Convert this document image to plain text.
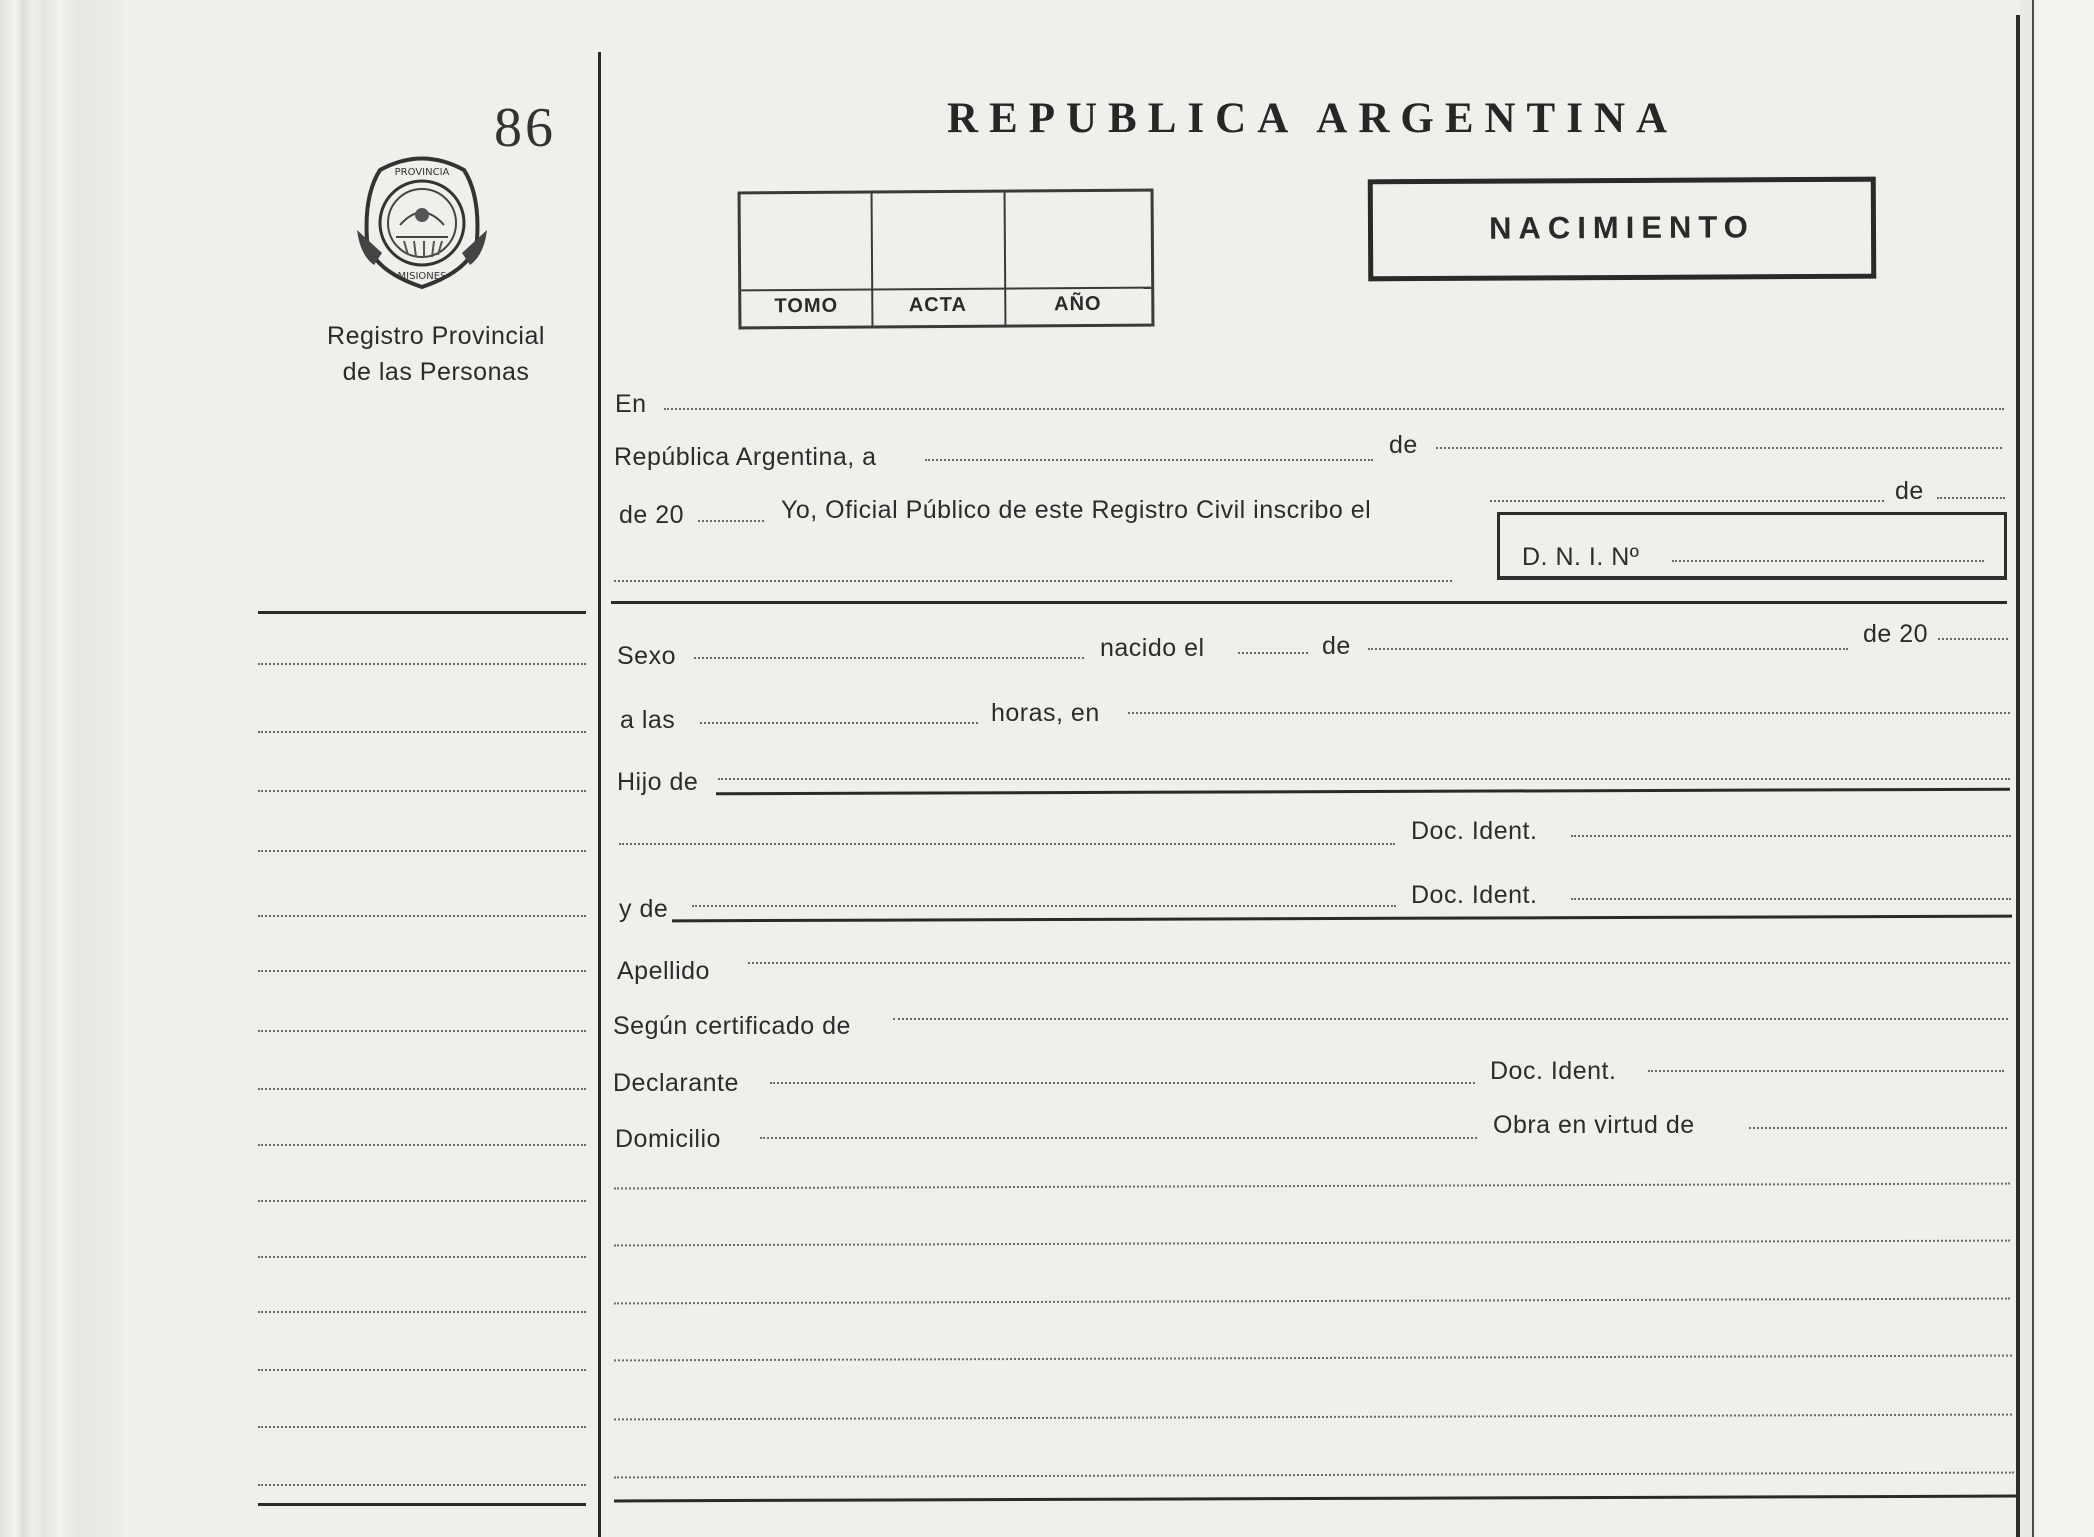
86
PROVINCIA
MISIONES
Registro Provincial
de las Personas
REPUBLICA ARGENTINA
TOMO	ACTA	AÑO
NACIMIENTO
En
República Argentina, a	de
de 20	Yo, Oficial Público de este Registro Civil inscribo el
de
D. N. I. Nº
Sexo	nacido el	de	de 20
a las	horas, en
Hijo de
Doc. Ident.
y de	Doc. Ident.
Apellido
Según certificado de
Declarante	Doc. Ident.
Domicilio	Obra en virtud de
